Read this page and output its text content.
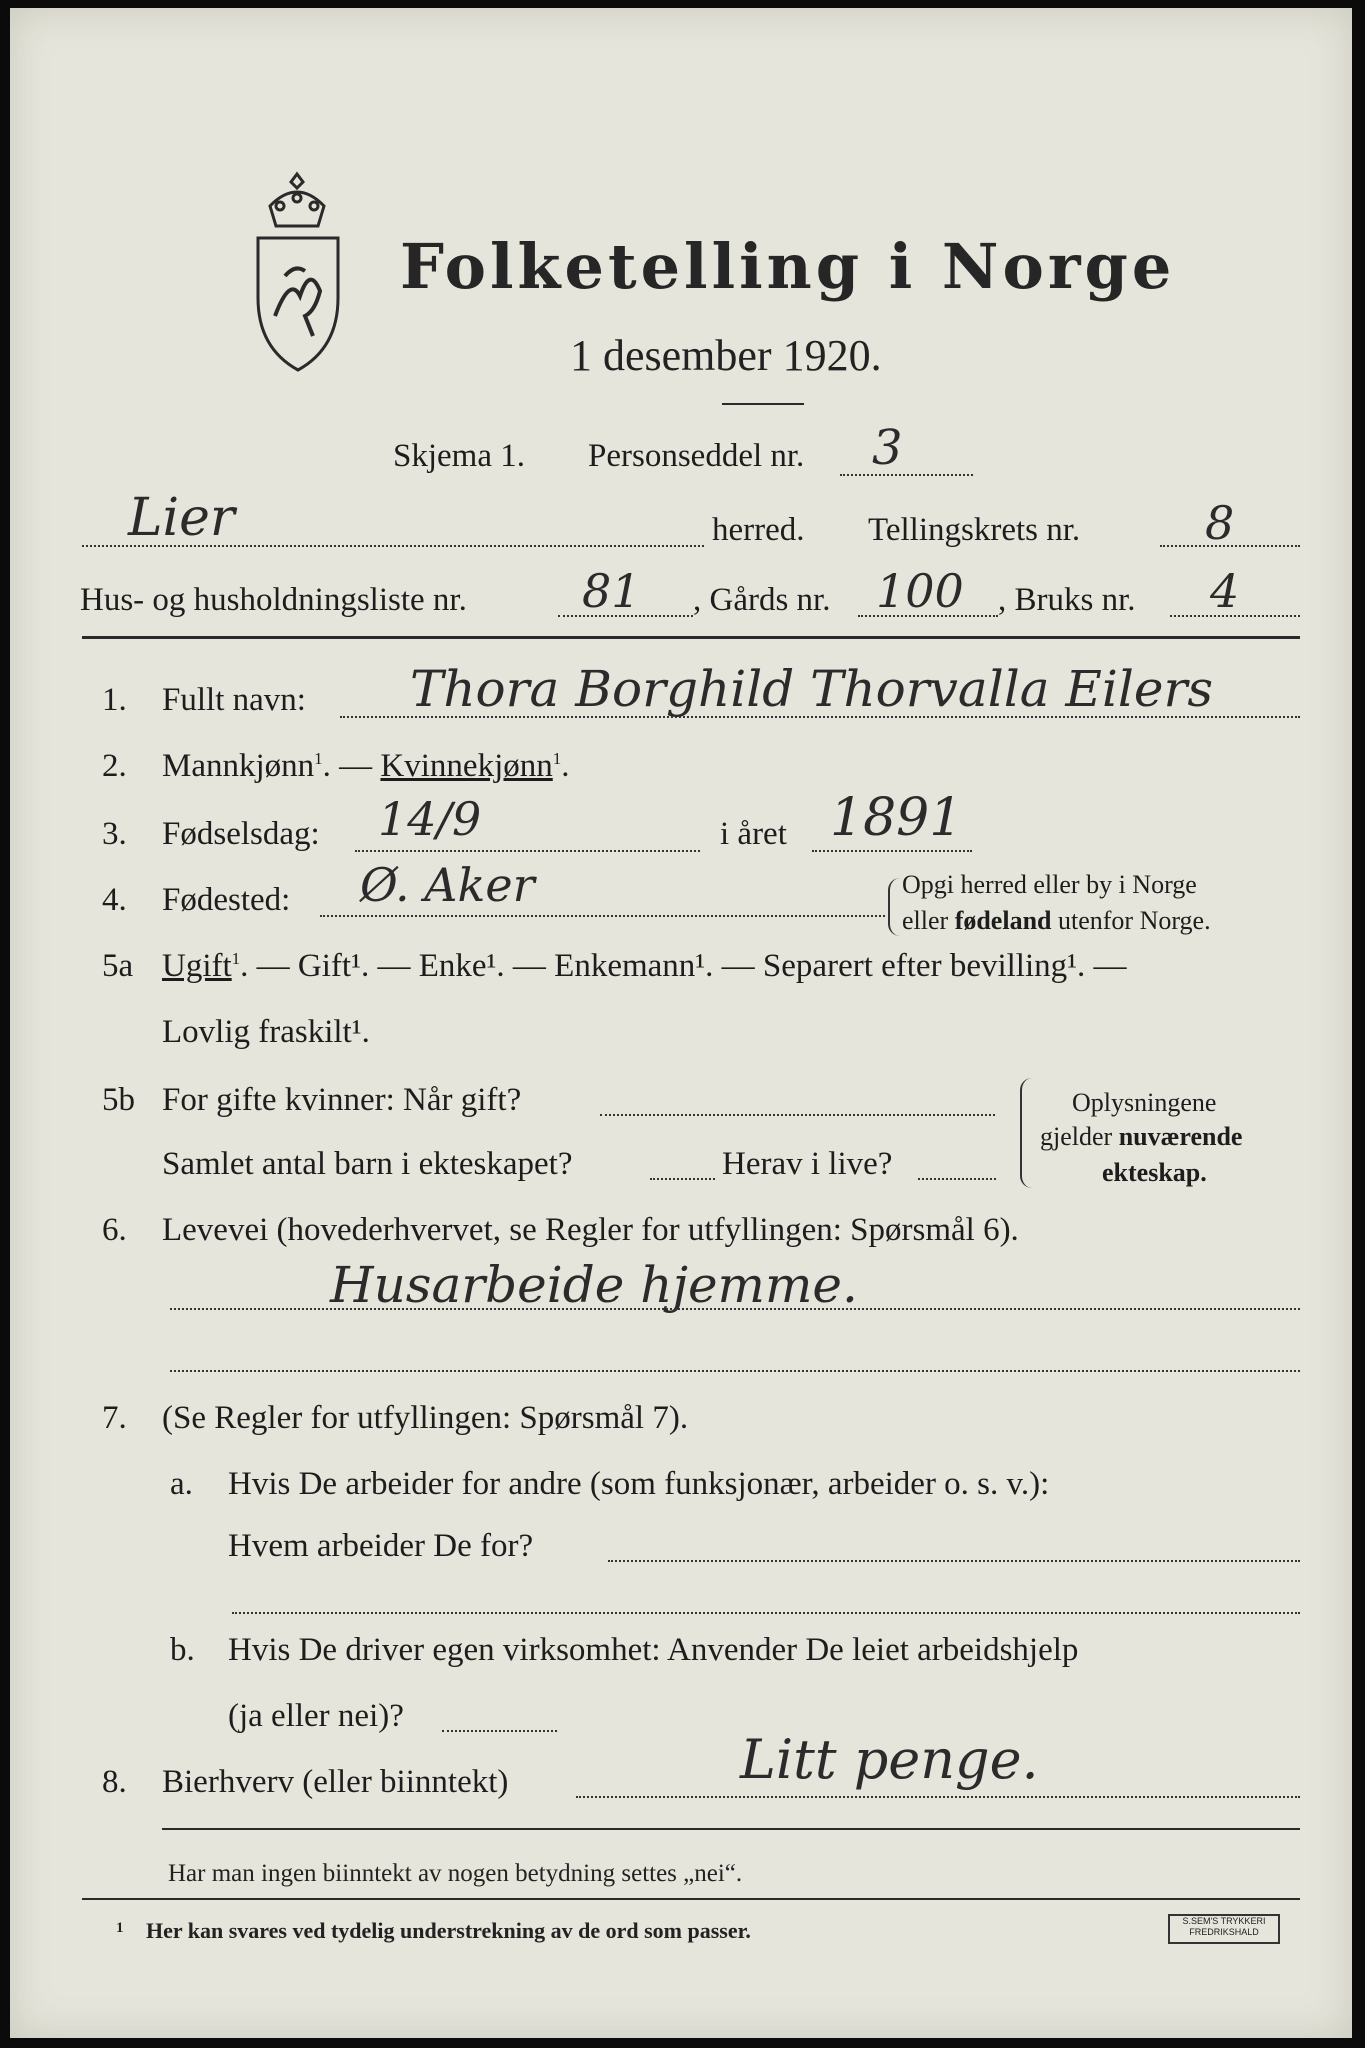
Folketelling i Norge
1 desember 1920.
Skjema 1. Personseddel nr. 3
Lier	herred. Tellingskrets nr.	8
Hus- og husholdningsliste nr.	81 , Gårds nr. 100 , Bruks nr. 4
1. Fullt navn: Thora Borghild Thorvalla Eilers
2. Mannkjønn$^1$. — Kvinnekjønn$^1$.
3. Fødselsdag: 14/9	i året 1891
4. Fødested: Ø. Aker	Opgi herred eller by i Norge
eller fødeland utenfor Norge.
5a Ugift$^1$. — Gift¹. — Enke¹. — Enkemann¹. — Separert efter bevilling¹. —
Lovlig fraskilt¹.
5b For gifte kvinner: Når gift?
Samlet antal barn i ekteskapet?	Herav i live?
Oplysningene
gjelder nuværende
ekteskap.
6. Levevei (hovederhvervet, se Regler for utfyllingen: Spørsmål 6).
Husarbeide hjemme.
7. (Se Regler for utfyllingen: Spørsmål 7).
a. Hvis De arbeider for andre (som funksjonær, arbeider o. s. v.):
Hvem arbeider De for?
b. Hvis De driver egen virksomhet: Anvender De leiet arbeidshjelp
(ja eller nei)?
8. Bierhverv (eller biinntekt)	Litt penge.
Har man ingen biinntekt av nogen betydning settes „nei“.
1 Her kan svares ved tydelig understrekning av de ord som passer.	S.SEM'S TRYKKERI
FREDRIKSHALD
